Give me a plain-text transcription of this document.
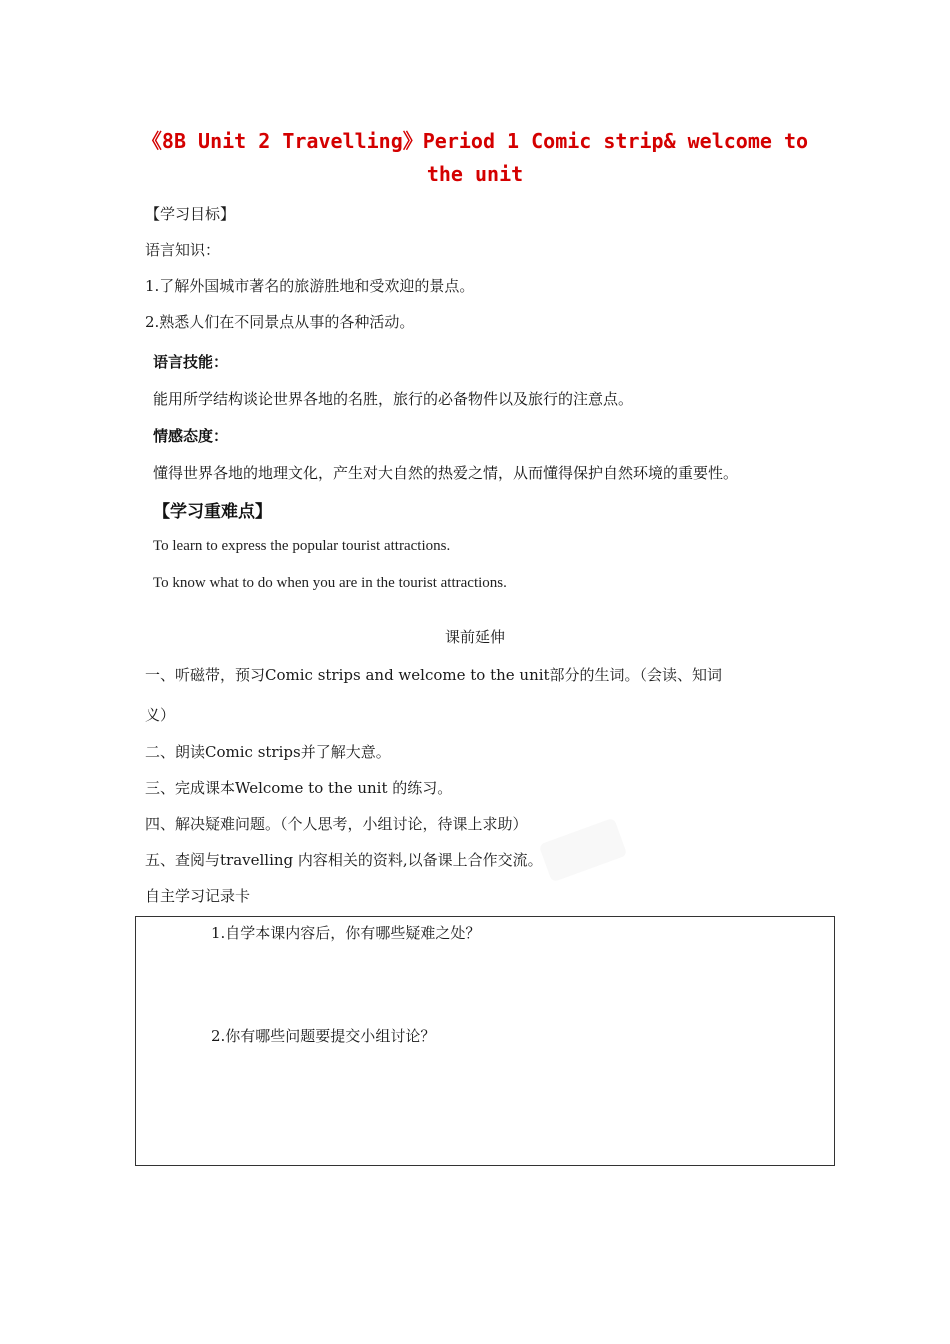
《8B Unit 2 Travelling》Period 1 Comic strip& welcome to
the unit
【学习目标】
语言知识：
1.了解外国城市著名的旅游胜地和受欢迎的景点。
2.熟悉人们在不同景点从事的各种活动。
语言技能：
能用所学结构谈论世界各地的名胜，旅行的必备物件以及旅行的注意点。
情感态度：
懂得世界各地的地理文化，产生对大自然的热爱之情，从而懂得保护自然环境的重要性。
【学习重难点】
To learn to express the popular tourist attractions.
To know what to do when you are in the tourist attractions.
课前延伸
一、听磁带，预习Comic strips and welcome to the unit部分的生词。（会读、知词
义）
二、朗读Comic strips并了解大意。
三、完成课本Welcome to the unit 的练习。
四、解决疑难问题。（个人思考，小组讨论，待课上求助）
五、查阅与travelling 内容相关的资料,以备课上合作交流。
自主学习记录卡
1.自学本课内容后，你有哪些疑难之处？
2.你有哪些问题要提交小组讨论？
